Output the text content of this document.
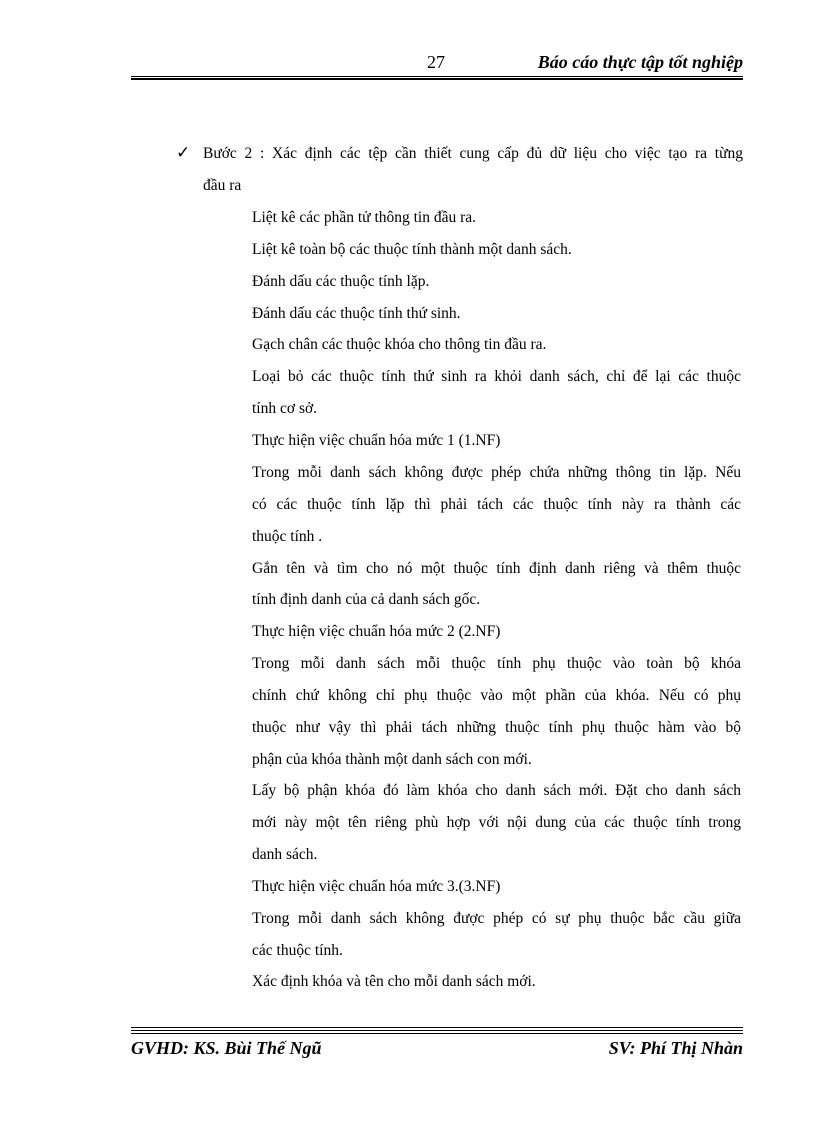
27	Báo cáo thực tập tốt nghiệp
✓ Bước 2 : Xác định các tệp cần thiết cung cấp đủ dữ liệu cho việc tạo ra từng
đầu ra
Liệt kê các phần tử thông tin đầu ra.
Liệt kê toàn bộ các thuộc tính thành một danh sách.
Đánh dấu các thuộc tính lặp.
Đánh dấu các thuộc tính thứ sinh.
Gạch chân các thuộc khóa cho thông tin đầu ra.
Loại bỏ các thuộc tính thứ sinh ra khỏi danh sách, chỉ để lại các thuộc
tính cơ sở.
Thực hiện việc chuẩn hóa mức 1 (1.NF)
Trong mỗi danh sách không được phép chứa những thông tin lặp. Nếu
có các thuộc tính lặp thì phải tách các thuộc tính này ra thành các
thuộc tính .
Gắn tên và tìm cho nó một thuộc tính định danh riêng và thêm thuộc
tính định danh của cả danh sách gốc.
Thực hiện việc chuẩn hóa mức 2 (2.NF)
Trong mỗi danh sách mỗi thuộc tính phụ thuộc vào toàn bộ khóa
chính chứ không chỉ phụ thuộc vào một phần của khóa. Nếu có phụ
thuộc như vậy thì phải tách những thuộc tính phụ thuộc hàm vào bộ
phận của khóa thành một danh sách con mới.
Lấy bộ phận khóa đó làm khóa cho danh sách mới. Đặt cho danh sách
mới này một tên riêng phù hợp với nội dung của các thuộc tính trong
danh sách.
Thực hiện việc chuẩn hóa mức 3.(3.NF)
Trong mỗi danh sách không được phép có sự phụ thuộc bắc cầu giữa
các thuộc tính.
Xác định khóa và tên cho mỗi danh sách mới.
GVHD: KS. Bùi Thế Ngũ	SV: Phí Thị Nhàn
